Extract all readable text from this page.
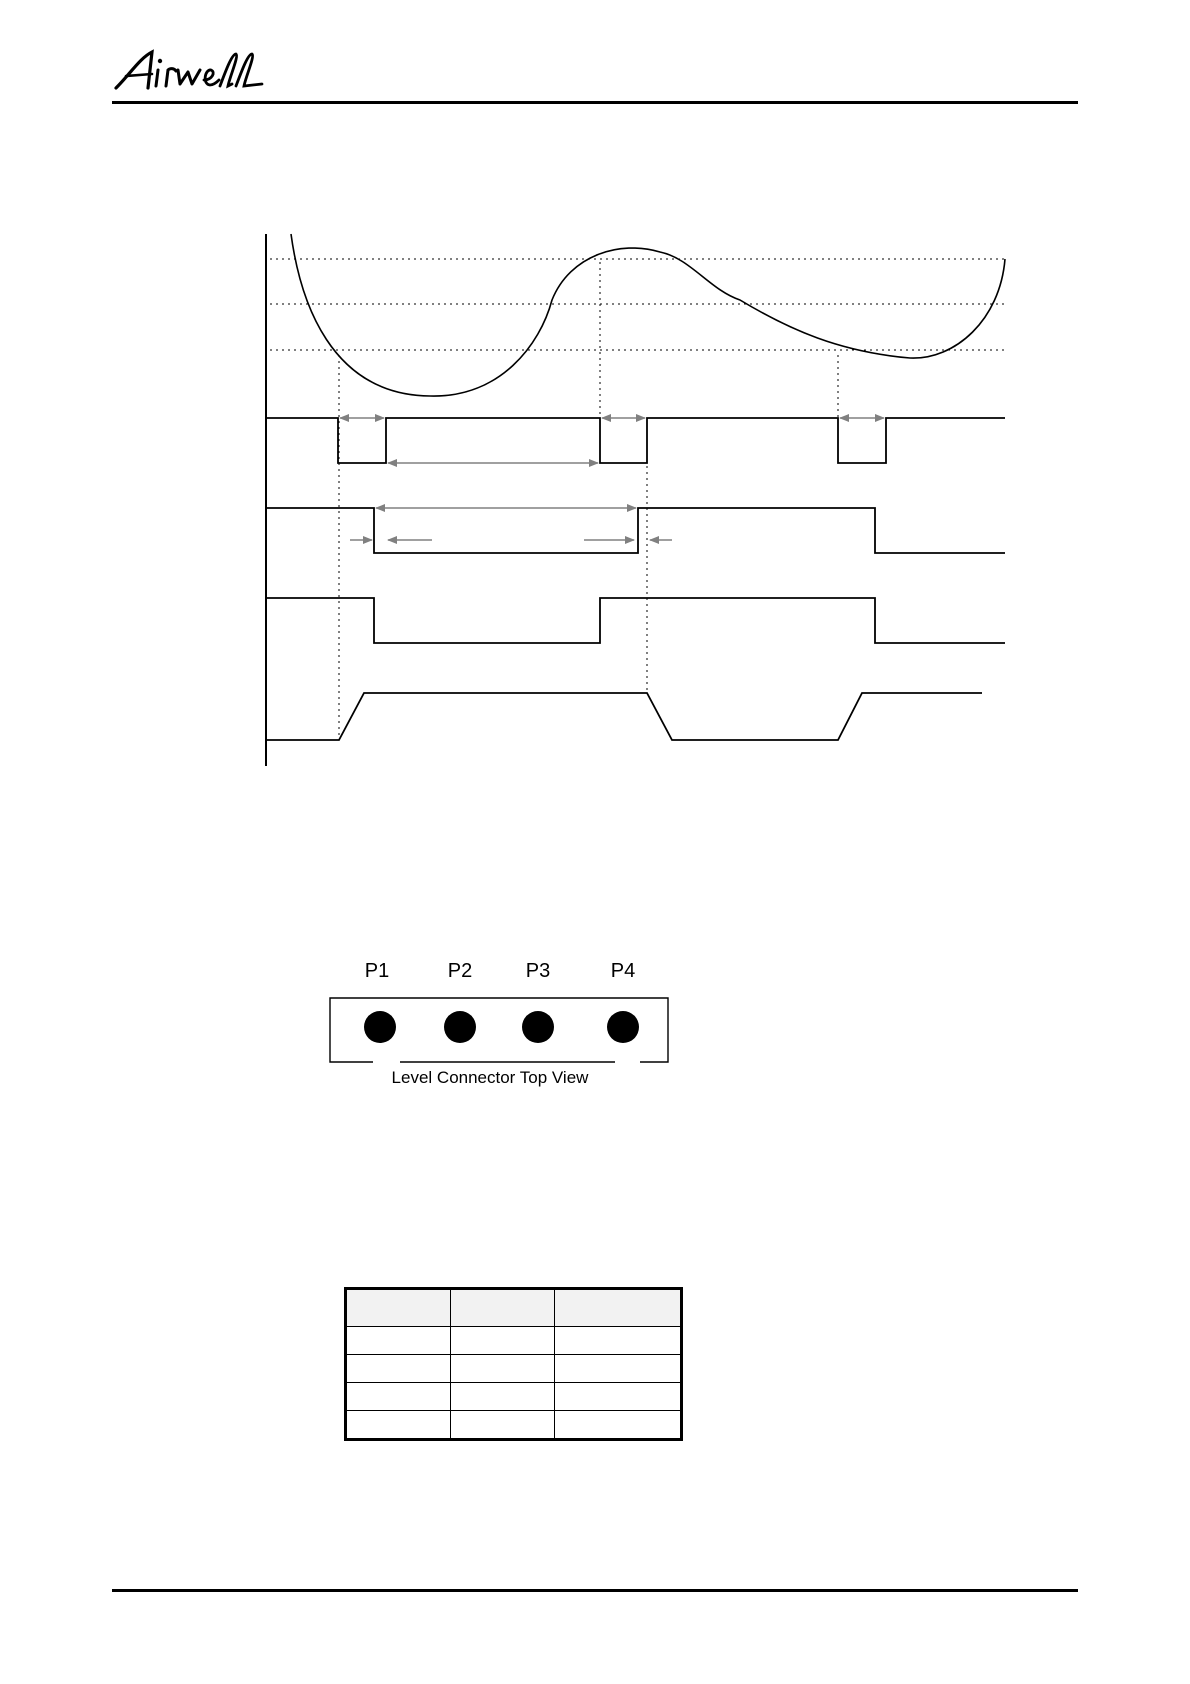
P1	P2	P3	P4
Level Connector Top View
